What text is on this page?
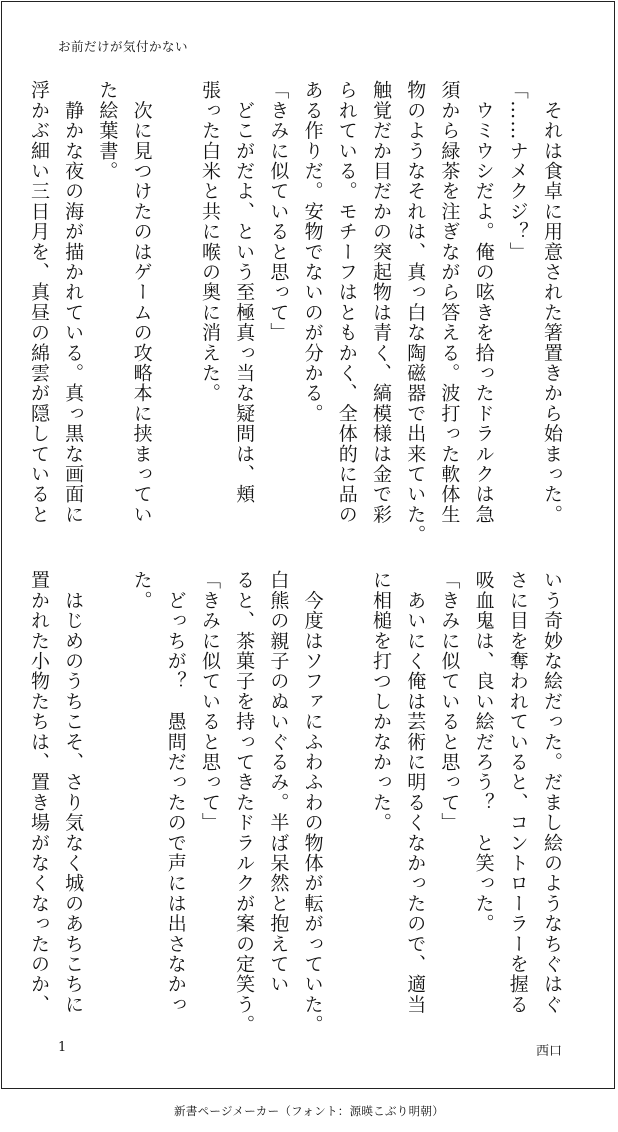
お前だけが気付かない
　それは食卓に用意された箸置きから始まった。
「……ナメクジ？」
　ウミウシだよ。俺の呟きを拾ったドラルクは急
須から緑茶を注ぎながら答える。波打った軟体生
物のようなそれは、真っ白な陶磁器で出来ていた。
触覚だか目だかの突起物は青く、縞模様は金で彩
られている。モチーフはともかく、全体的に品の
ある作りだ。安物でないのが分かる。
「きみに似ていると思って」
　どこがだよ、という至極真っ当な疑問は、頬
張った白米と共に喉の奥に消えた。

　次に見つけたのはゲームの攻略本に挟まってい
た絵葉書。
　静かな夜の海が描かれている。真っ黒な画面に
浮かぶ細い三日月を、真昼の綿雲が隠していると
いう奇妙な絵だった。だまし絵のようなちぐはぐ
さに目を奪われていると、コントローラーを握る
吸血鬼は、良い絵だろう？　と笑った。
「きみに似ていると思って」
　あいにく俺は芸術に明るくなかったので、適当
に相槌を打つしかなかった。

　今度はソファにふわふわの物体が転がっていた。
白熊の親子のぬいぐるみ。半ば呆然と抱えてい
ると、茶菓子を持ってきたドラルクが案の定笑う。
「きみに似ていると思って」
　どっちが？　愚問だったので声には出さなかっ
た。

　はじめのうちこそ、さり気なく城のあちこちに
置かれた小物たちは、置き場がなくなったのか、
1	西口
新書ページメーカー（フォント：源暎こぶり明朝）
